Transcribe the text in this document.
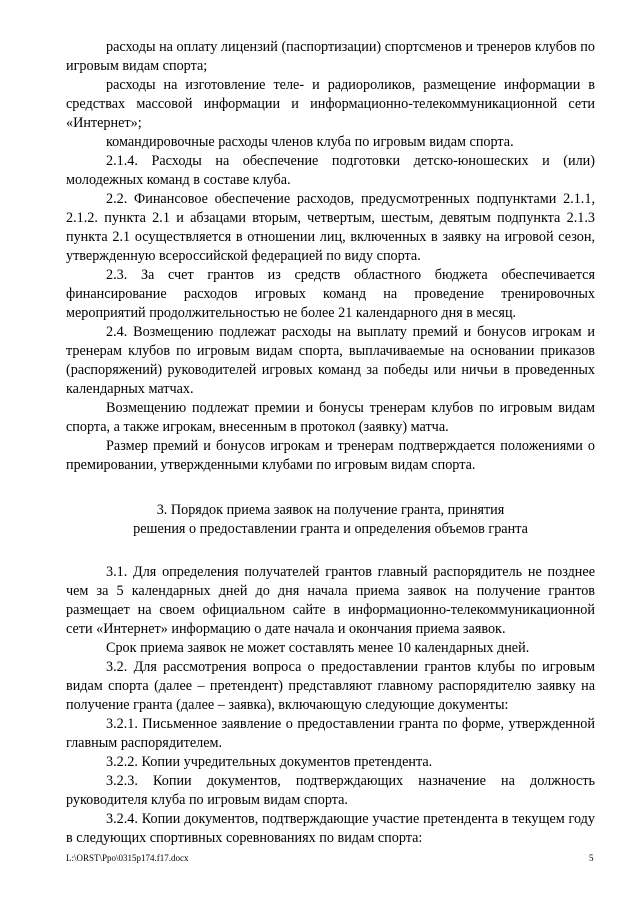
расходы на оплату лицензий (паспортизации) спортсменов и тренеров клубов по игровым видам спорта;

расходы на изготовление теле- и радиороликов, размещение информации в средствах массовой информации и информационно-телекоммуникационной сети «Интернет»;

командировочные расходы членов клуба по игровым видам спорта.

2.1.4. Расходы на обеспечение подготовки детско-юношеских и (или) молодежных команд в составе клуба.

2.2. Финансовое обеспечение расходов, предусмотренных подпунктами 2.1.1, 2.1.2. пункта 2.1 и абзацами вторым, четвертым, шестым, девятым подпункта 2.1.3 пункта 2.1 осуществляется в отношении лиц, включенных в заявку на игровой сезон, утвержденную всероссийской федерацией по виду спорта.

2.3. За счет грантов из средств областного бюджета обеспечивается финансирование расходов игровых команд на проведение тренировочных мероприятий продолжительностью не более 21 календарного дня в месяц.

2.4. Возмещению подлежат расходы на выплату премий и бонусов игрокам и тренерам клубов по игровым видам спорта, выплачиваемые на основании приказов (распоряжений) руководителей игровых команд за победы или ничьи в проведенных календарных матчах.

Возмещению подлежат премии и бонусы тренерам клубов по игровым видам спорта, а также игрокам, внесенным в протокол (заявку) матча.

Размер премий и бонусов игрокам и тренерам подтверждается положениями о премировании, утвержденными клубами по игровым видам спорта.

3. Порядок приема заявок на получение гранта, принятия
решения о предоставлении гранта и определения объемов гранта

3.1. Для определения получателей грантов главный распорядитель не позднее чем за 5 календарных дней до дня начала приема заявок на получение грантов размещает на своем официальном сайте в информационно-телекоммуникационной сети «Интернет» информацию о дате начала и окончания приема заявок.

Срок приема заявок не может составлять менее 10 календарных дней.

3.2. Для рассмотрения вопроса о предоставлении грантов клубы по игровым видам спорта (далее – претендент) представляют главному распорядителю заявку на получение гранта (далее – заявка), включающую следующие документы:

3.2.1. Письменное заявление о предоставлении гранта по форме, утвержденной главным распорядителем.

3.2.2. Копии учредительных документов претендента.

3.2.3. Копии документов, подтверждающих назначение на должность руководителя клуба по игровым видам спорта.

3.2.4. Копии документов, подтверждающие участие претендента в текущем году в следующих спортивных соревнованиях по видам спорта:

L:\ORST\Ppo\0315p174.f17.docx	5
